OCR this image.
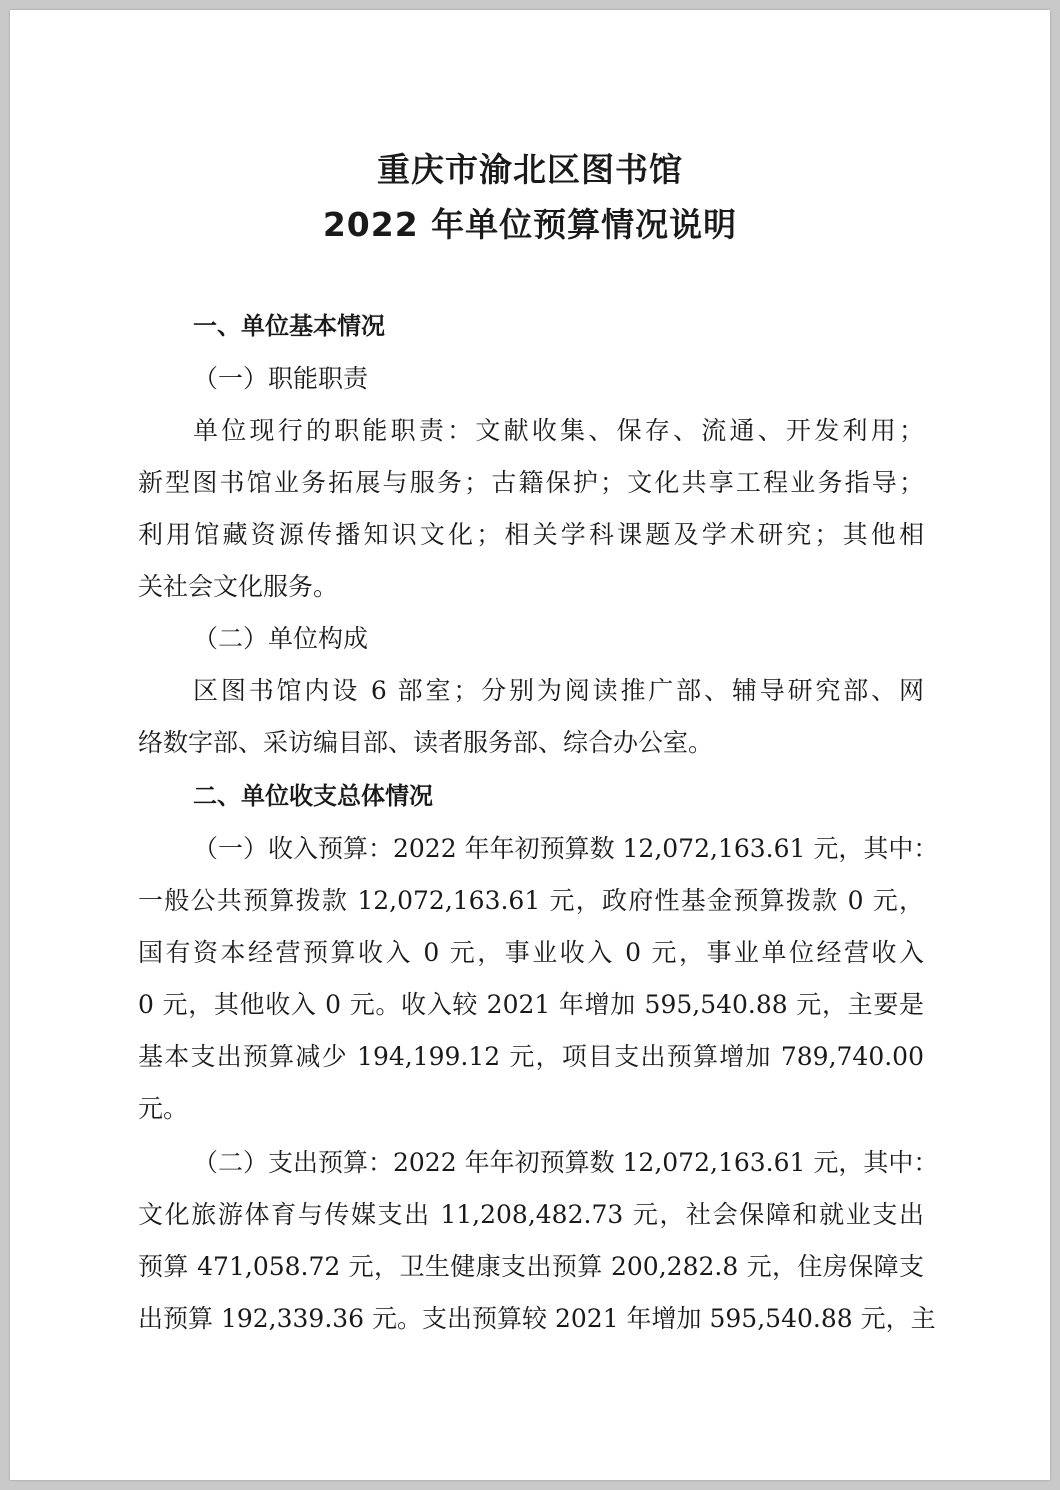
重庆市渝北区图书馆
2022 年单位预算情况说明
一、单位基本情况
（一）职能职责
单位现行的职能职责：文献收集、保存、流通、开发利用；
新型图书馆业务拓展与服务；古籍保护；文化共享工程业务指导；
利用馆藏资源传播知识文化；相关学科课题及学术研究；其他相
关社会文化服务。
（二）单位构成
区图书馆内设 6 部室；分别为阅读推广部、辅导研究部、网
络数字部、采访编目部、读者服务部、综合办公室。
二、单位收支总体情况
（一）收入预算：2022 年年初预算数 12,072,163.61 元，其中：
一般公共预算拨款 12,072,163.61 元，政府性基金预算拨款 0 元，
国有资本经营预算收入 0 元，事业收入 0 元，事业单位经营收入
0 元，其他收入 0 元。收入较 2021 年增加 595,540.88 元，主要是
基本支出预算减少 194,199.12 元，项目支出预算增加 789,740.00
元。
（二）支出预算：2022 年年初预算数 12,072,163.61 元，其中：
文化旅游体育与传媒支出 11,208,482.73 元，社会保障和就业支出
预算 471,058.72 元，卫生健康支出预算 200,282.8 元，住房保障支
出预算 192,339.36 元。支出预算较 2021 年增加 595,540.88 元，主
